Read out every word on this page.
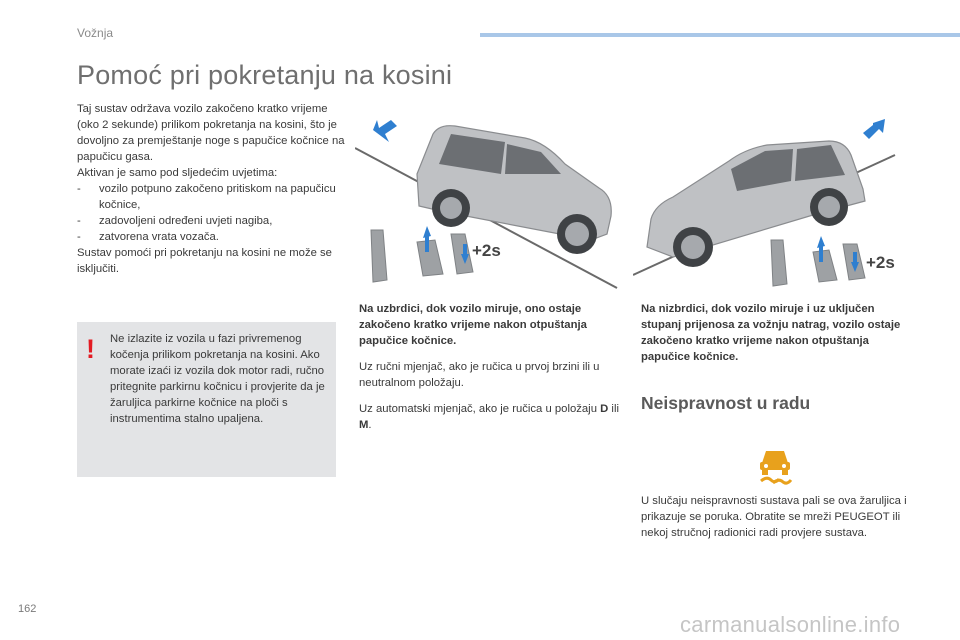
Vožnja
Pomoć pri pokretanju na kosini

Taj sustav održava vozilo zakočeno kratko vrijeme (oko 2 sekunde) prilikom pokretanja na kosini, što je dovoljno za premještanje noge s papučice kočnice na papučicu gasa.

Aktivan je samo pod sljedećim uvjetima:

- vozilo potpuno zakočeno pritiskom na papučicu kočnice,
- zadovoljeni određeni uvjeti nagiba,
- zatvorena vrata vozača.

Sustav pomoći pri pokretanju na kosini ne može se isključiti.

! Ne izlazite iz vozila u fazi privremenog kočenja prilikom pokretanja na kosini. Ako morate izaći iz vozila dok motor radi, ručno pritegnite parkirnu kočnicu i provjerite da je žaruljica parkirne kočnice na ploči s instrumentima stalno upaljena.

+2s
+2s

Na uzbrdici, dok vozilo miruje, ono ostaje zakočeno kratko vrijeme nakon otpuštanja papučice kočnice.

Uz ručni mjenjač, ako je ručica u prvoj brzini ili u neutralnom položaju.

Uz automatski mjenjač, ako je ručica u položaju D ili M.

Na nizbrdici, dok vozilo miruje i uz uključen stupanj prijenosa za vožnju natrag, vozilo ostaje zakočeno kratko vrijeme nakon otpuštanja papučice kočnice.

Neispravnost u radu

U slučaju neispravnosti sustava pali se ova žaruljica i prikazuje se poruka. Obratite se mreži PEUGEOT ili nekoj stručnoj radionici radi provjere sustava.

162
carmanualsonline.info
